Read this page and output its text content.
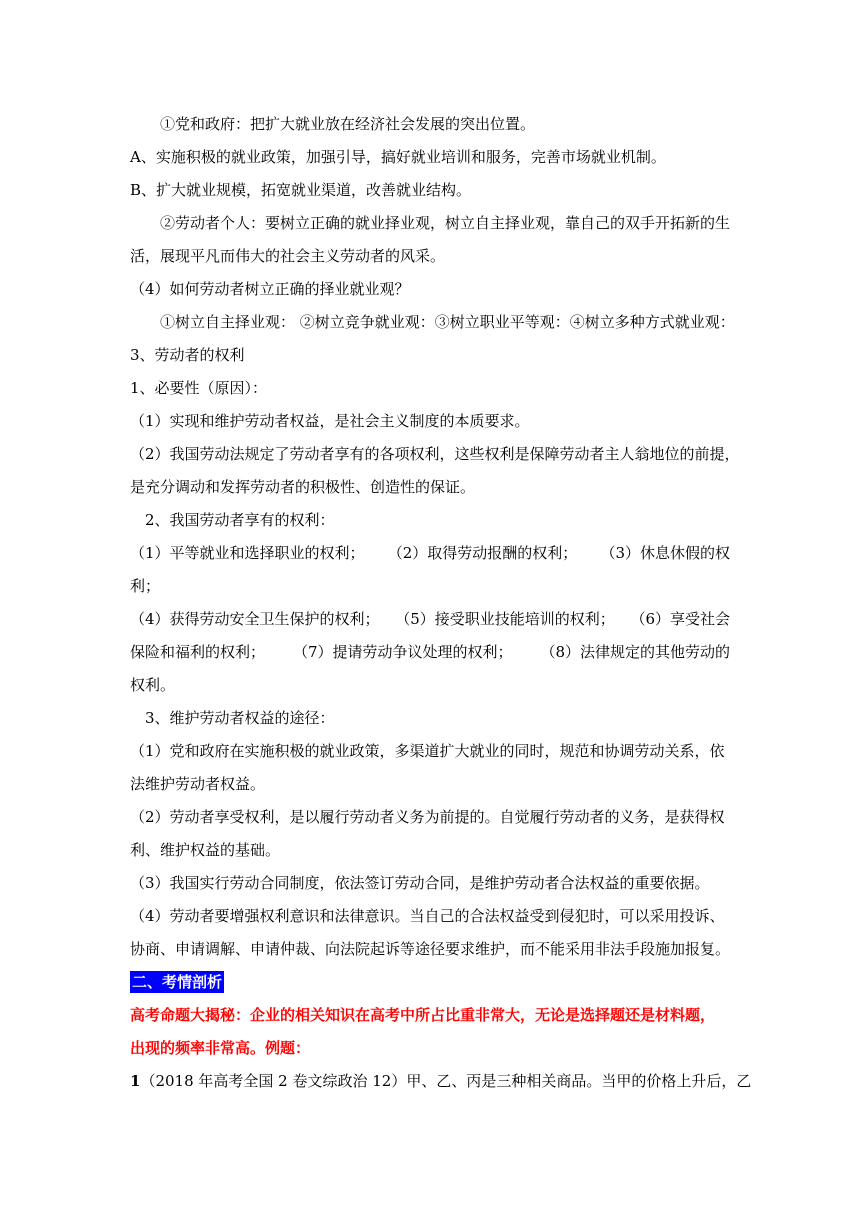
①党和政府：把扩大就业放在经济社会发展的突出位置。
A、实施积极的就业政策，加强引导，搞好就业培训和服务，完善市场就业机制。
B、扩大就业规模，拓宽就业渠道，改善就业结构。
②劳动者个人：要树立正确的就业择业观，树立自主择业观，靠自己的双手开拓新的生
活，展现平凡而伟大的社会主义劳动者的风采。
（4）如何劳动者树立正确的择业就业观？
①树立自主择业观： ②树立竞争就业观：③树立职业平等观：④树立多种方式就业观：
3、劳动者的权利
1、必要性（原因）：
（1）实现和维护劳动者权益，是社会主义制度的本质要求。
（2）我国劳动法规定了劳动者享有的各项权利，这些权利是保障劳动者主人翁地位的前提，
是充分调动和发挥劳动者的积极性、创造性的保证。
2、我国劳动者享有的权利：
（1）平等就业和选择职业的权利； （2）取得劳动报酬的权利； （3）休息休假的权
利；
（4）获得劳动安全卫生保护的权利； （5）接受职业技能培训的权利； （6）享受社会
保险和福利的权利； （7）提请劳动争议处理的权利； （8）法律规定的其他劳动的
权利。
3、维护劳动者权益的途径：
（1）党和政府在实施积极的就业政策，多渠道扩大就业的同时，规范和协调劳动关系，依
法维护劳动者权益。
（2）劳动者享受权利，是以履行劳动者义务为前提的。自觉履行劳动者的义务，是获得权
利、维护权益的基础。
（3）我国实行劳动合同制度，依法签订劳动合同，是维护劳动者合法权益的重要依据。
（4）劳动者要增强权利意识和法律意识。当自己的合法权益受到侵犯时，可以采用投诉、
协商、申请调解、申请仲裁、向法院起诉等途径要求维护，而不能采用非法手段施加报复。
二、考情剖析
高考命题大揭秘：企业的相关知识在高考中所占比重非常大，无论是选择题还是材料题，
出现的频率非常高。例题：
1（2018 年高考全国 2 卷文综政治 12）甲、乙、丙是三种相关商品。当甲的价格上升后，乙
